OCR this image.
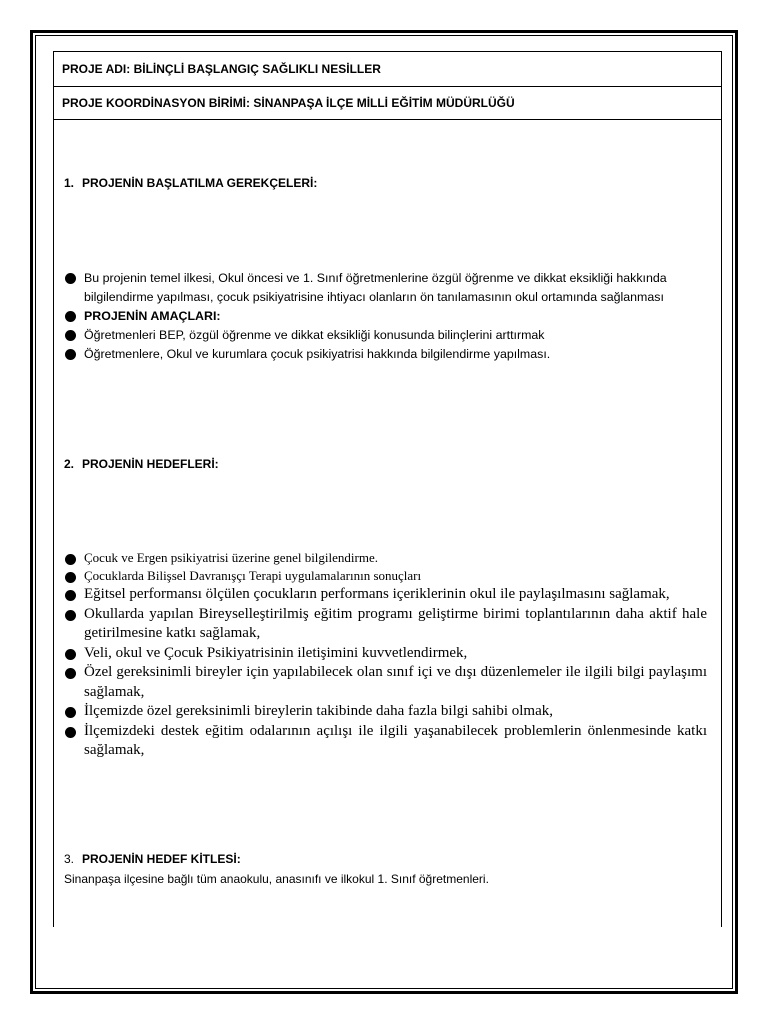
PROJE ADI: BİLİNÇLİ BAŞLANGIÇ SAĞLIKLI NESİLLER
PROJE KOORDİNASYON BİRİMİ: SİNANPAŞA İLÇE MİLLİ EĞİTİM MÜDÜRLÜĞÜ
1. PROJENİN BAŞLATILMA GEREKÇELERİ:
Bu projenin temel ilkesi, Okul öncesi ve 1. Sınıf öğretmenlerine özgül öğrenme ve dikkat eksikliği hakkında bilgilendirme yapılması, çocuk psikiyatrisine ihtiyacı olanların ön tanılamasının okul ortamında sağlanması
PROJENİN AMAÇLARI:
Öğretmenleri BEP, özgül öğrenme ve dikkat eksikliği konusunda bilinçlerini arttırmak
Öğretmenlere, Okul ve kurumlara çocuk psikiyatrisi hakkında bilgilendirme yapılması.
2. PROJENİN HEDEFLERİ:
Çocuk ve Ergen psikiyatrisi üzerine genel bilgilendirme.
Çocuklarda Bilişsel Davranışçı Terapi uygulamalarının sonuçları
Eğitsel performansı ölçülen çocukların performans içeriklerinin okul ile paylaşılmasını sağlamak,
Okullarda yapılan Bireyselleştirilmiş eğitim programı geliştirme birimi toplantılarının daha aktif hale getirilmesine katkı sağlamak,
Veli, okul ve Çocuk Psikiyatrisinin iletişimini kuvvetlendirmek,
Özel gereksinimli bireyler için yapılabilecek olan sınıf içi ve dışı düzenlemeler ile ilgili bilgi paylaşımı sağlamak,
İlçemizde özel gereksinimli bireylerin takibinde daha fazla bilgi sahibi olmak,
İlçemizdeki destek eğitim odalarının açılışı ile ilgili yaşanabilecek problemlerin önlenmesinde katkı sağlamak,
3. PROJENİN HEDEF KİTLESİ:
Sinanpaşa ilçesine bağlı tüm anaokulu, anasınıfı ve ilkokul 1. Sınıf öğretmenleri.
